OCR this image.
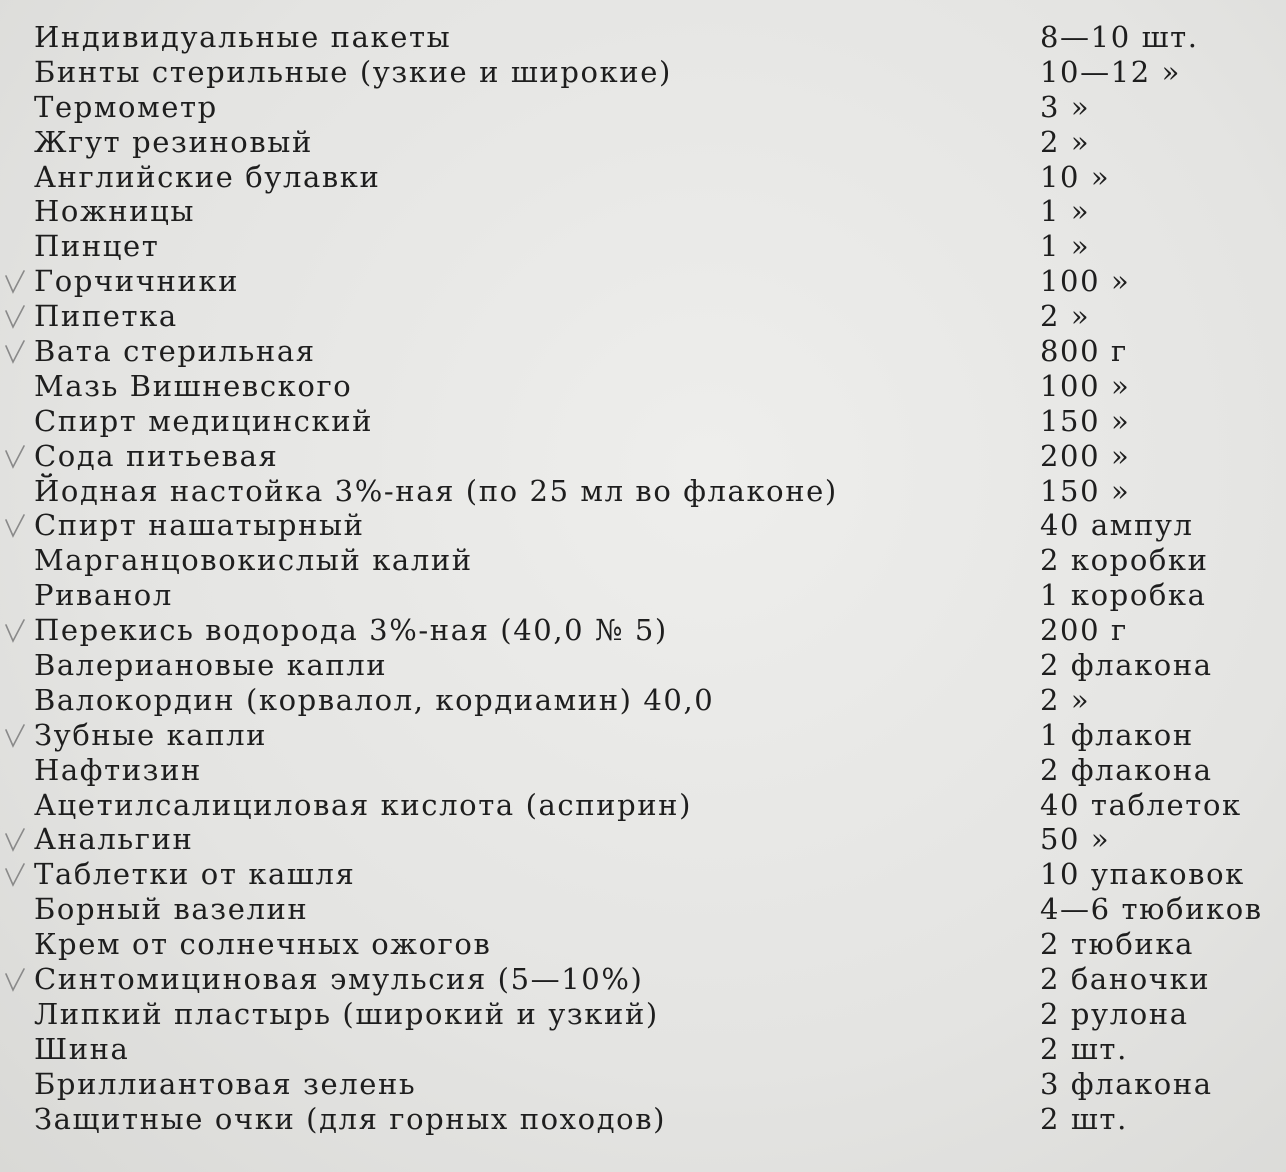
Индивидуальные пакеты	8—10 шт.
Бинты стерильные (узкие и широкие)	10—12 »
Термометр	3 »
Жгут резиновый	2 »
Английские булавки	10 »
Ножницы	1 »
Пинцет	1 »
Горчичники	100 »
Пипетка	2 »
Вата стерильная	800 г
Мазь Вишневского	100 »
Спирт медицинский	150 »
Сода питьевая	200 »
Йодная настойка 3%-ная (по 25 мл во флаконе)	150 »
Спирт нашатырный	40 ампул
Марганцовокислый калий	2 коробки
Риванол	1 коробка
Перекись водорода 3%-ная (40,0 № 5)	200 г
Валериановые капли	2 флакона
Валокордин (корвалол, кордиамин) 40,0	2 »
Зубные капли	1 флакон
Нафтизин	2 флакона
Ацетилсалициловая кислота (аспирин)	40 таблеток
Анальгин	50 »
Таблетки от кашля	10 упаковок
Борный вазелин	4—6 тюбиков
Крем от солнечных ожогов	2 тюбика
Синтомициновая эмульсия (5—10%)	2 баночки
Липкий пластырь (широкий и узкий)	2 рулона
Шина	2 шт.
Бриллиантовая зелень	3 флакона
Защитные очки (для горных походов)	2 шт.
